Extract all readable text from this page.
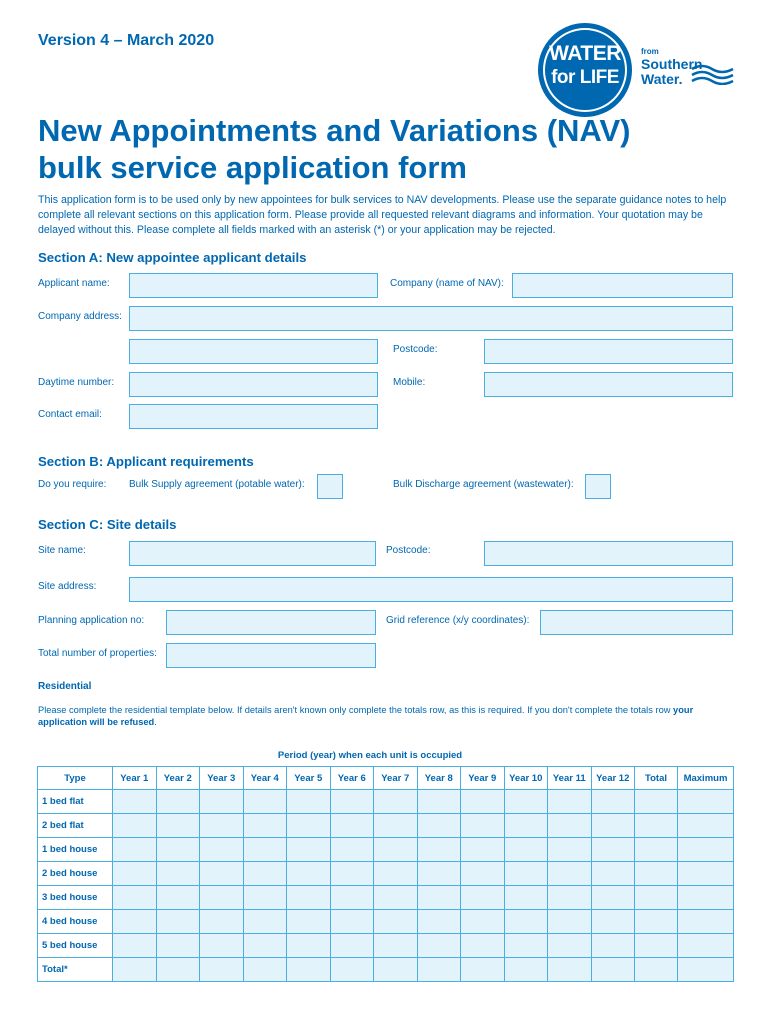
Version 4 – March 2020
WATER
for LIFE
from
Southern
Water.
New Appointments and Variations (NAV)
bulk service application form
This application form is to be used only by new appointees for bulk services to NAV developments. Please use the separate guidance notes to help complete all relevant sections on this application form. Please provide all requested relevant diagrams and information. Your quotation may be delayed without this. Please complete all fields marked with an asterisk (*) or your application may be rejected.
Section A: New appointee applicant details
Applicant name:	Company (name of NAV):
Company address:
Postcode:
Daytime number:	Mobile:
Contact email:
Section B: Applicant requirements
Do you require: Bulk Supply agreement (potable water):	Bulk Discharge agreement (wastewater):
Section C: Site details
Site name:	Postcode:
Site address:
Planning application no:	Grid reference (x/y coordinates):
Total number of properties:
Residential
Please complete the residential template below. If details aren't known only complete the totals row, as this is required. If you don't complete the totals row your application will be refused.
Period (year) when each unit is occupied
Type	Year 1	Year 2	Year 3	Year 4	Year 5	Year 6	Year 7	Year 8	Year 9	Year 10	Year 11	Year 12	Total	Maximum
1 bed flat														
2 bed flat														
1 bed house														
2 bed house														
3 bed house														
4 bed house														
5 bed house														
Total*														
